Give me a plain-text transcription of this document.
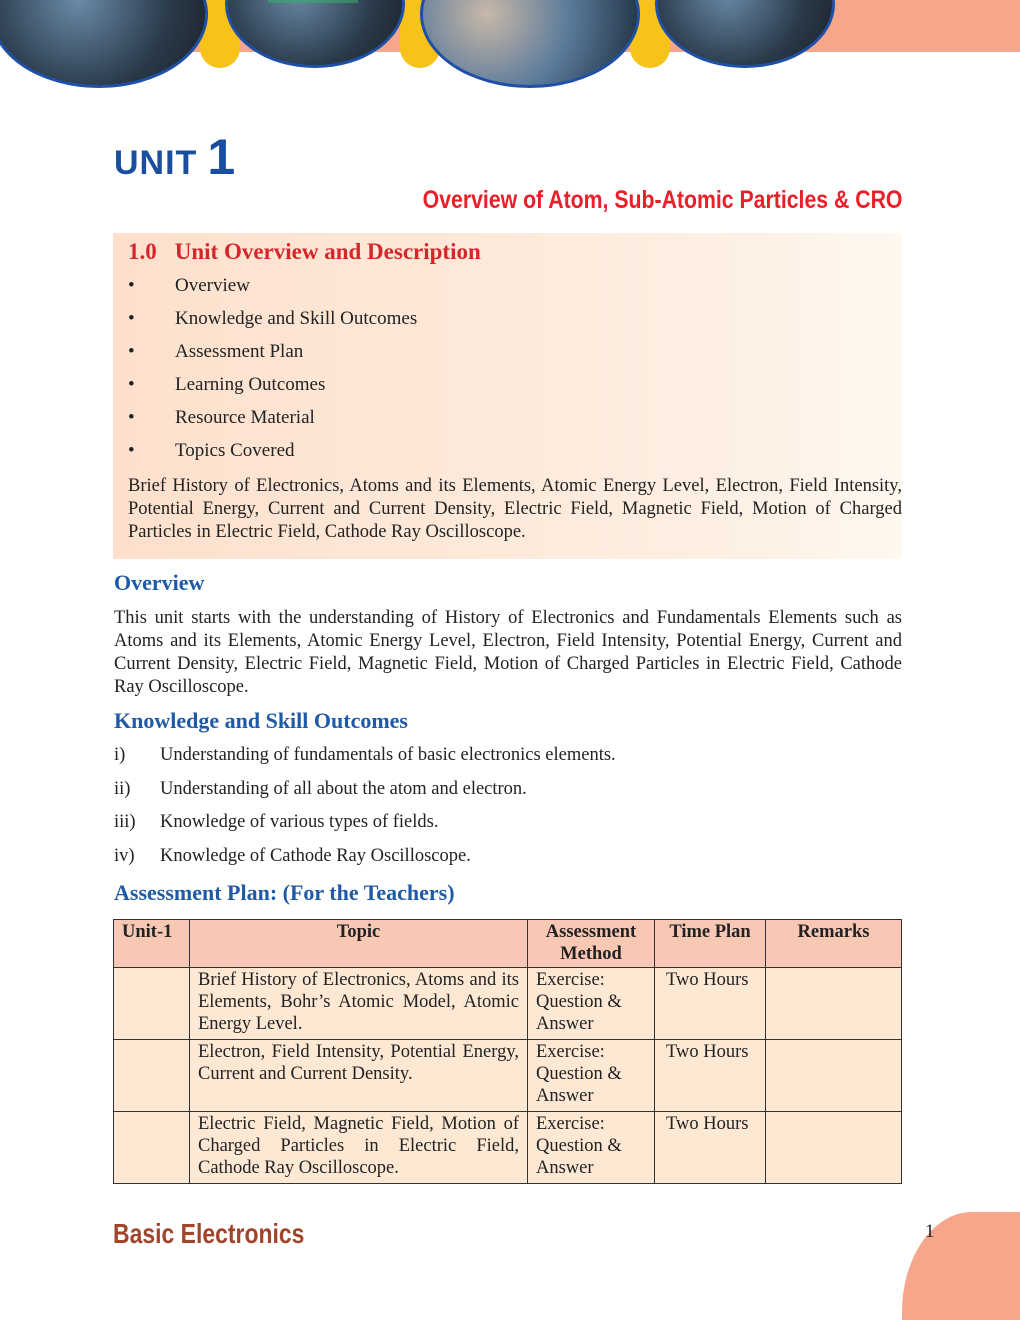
UNIT 1
Overview of Atom, Sub-Atomic Particles & CRO
1.0 Unit Overview and Description
• Overview
• Knowledge and Skill Outcomes
• Assessment Plan
• Learning Outcomes
• Resource Material
• Topics Covered
Brief History of Electronics, Atoms and its Elements, Atomic Energy Level, Electron, Field Intensity, Potential Energy, Current and Current Density, Electric Field, Magnetic Field, Motion of Charged Particles in Electric Field, Cathode Ray Oscilloscope.
Overview
This unit starts with the understanding of History of Electronics and Fundamentals Elements such as Atoms and its Elements, Atomic Energy Level, Electron, Field Intensity, Potential Energy, Current and Current Density, Electric Field, Magnetic Field, Motion of Charged Particles in Electric Field, Cathode Ray Oscilloscope.
Knowledge and Skill Outcomes
i) Understanding of fundamentals of basic electronics elements.
ii) Understanding of all about the atom and electron.
iii) Knowledge of various types of fields.
iv) Knowledge of Cathode Ray Oscilloscope.
Assessment Plan: (For the Teachers)
Unit-1	Topic	Assessment Method	Time Plan	Remarks
	Brief History of Electronics, Atoms and its Elements, Bohr’s Atomic Model, Atomic Energy Level.	Exercise: Question & Answer	Two Hours	
	Electron, Field Intensity, Potential Energy, Current and Current Density.	Exercise: Question & Answer	Two Hours	
	Electric Field, Magnetic Field, Motion of Charged Particles in Electric Field, Cathode Ray Oscilloscope.	Exercise: Question & Answer	Two Hours	
Basic Electronics	1
